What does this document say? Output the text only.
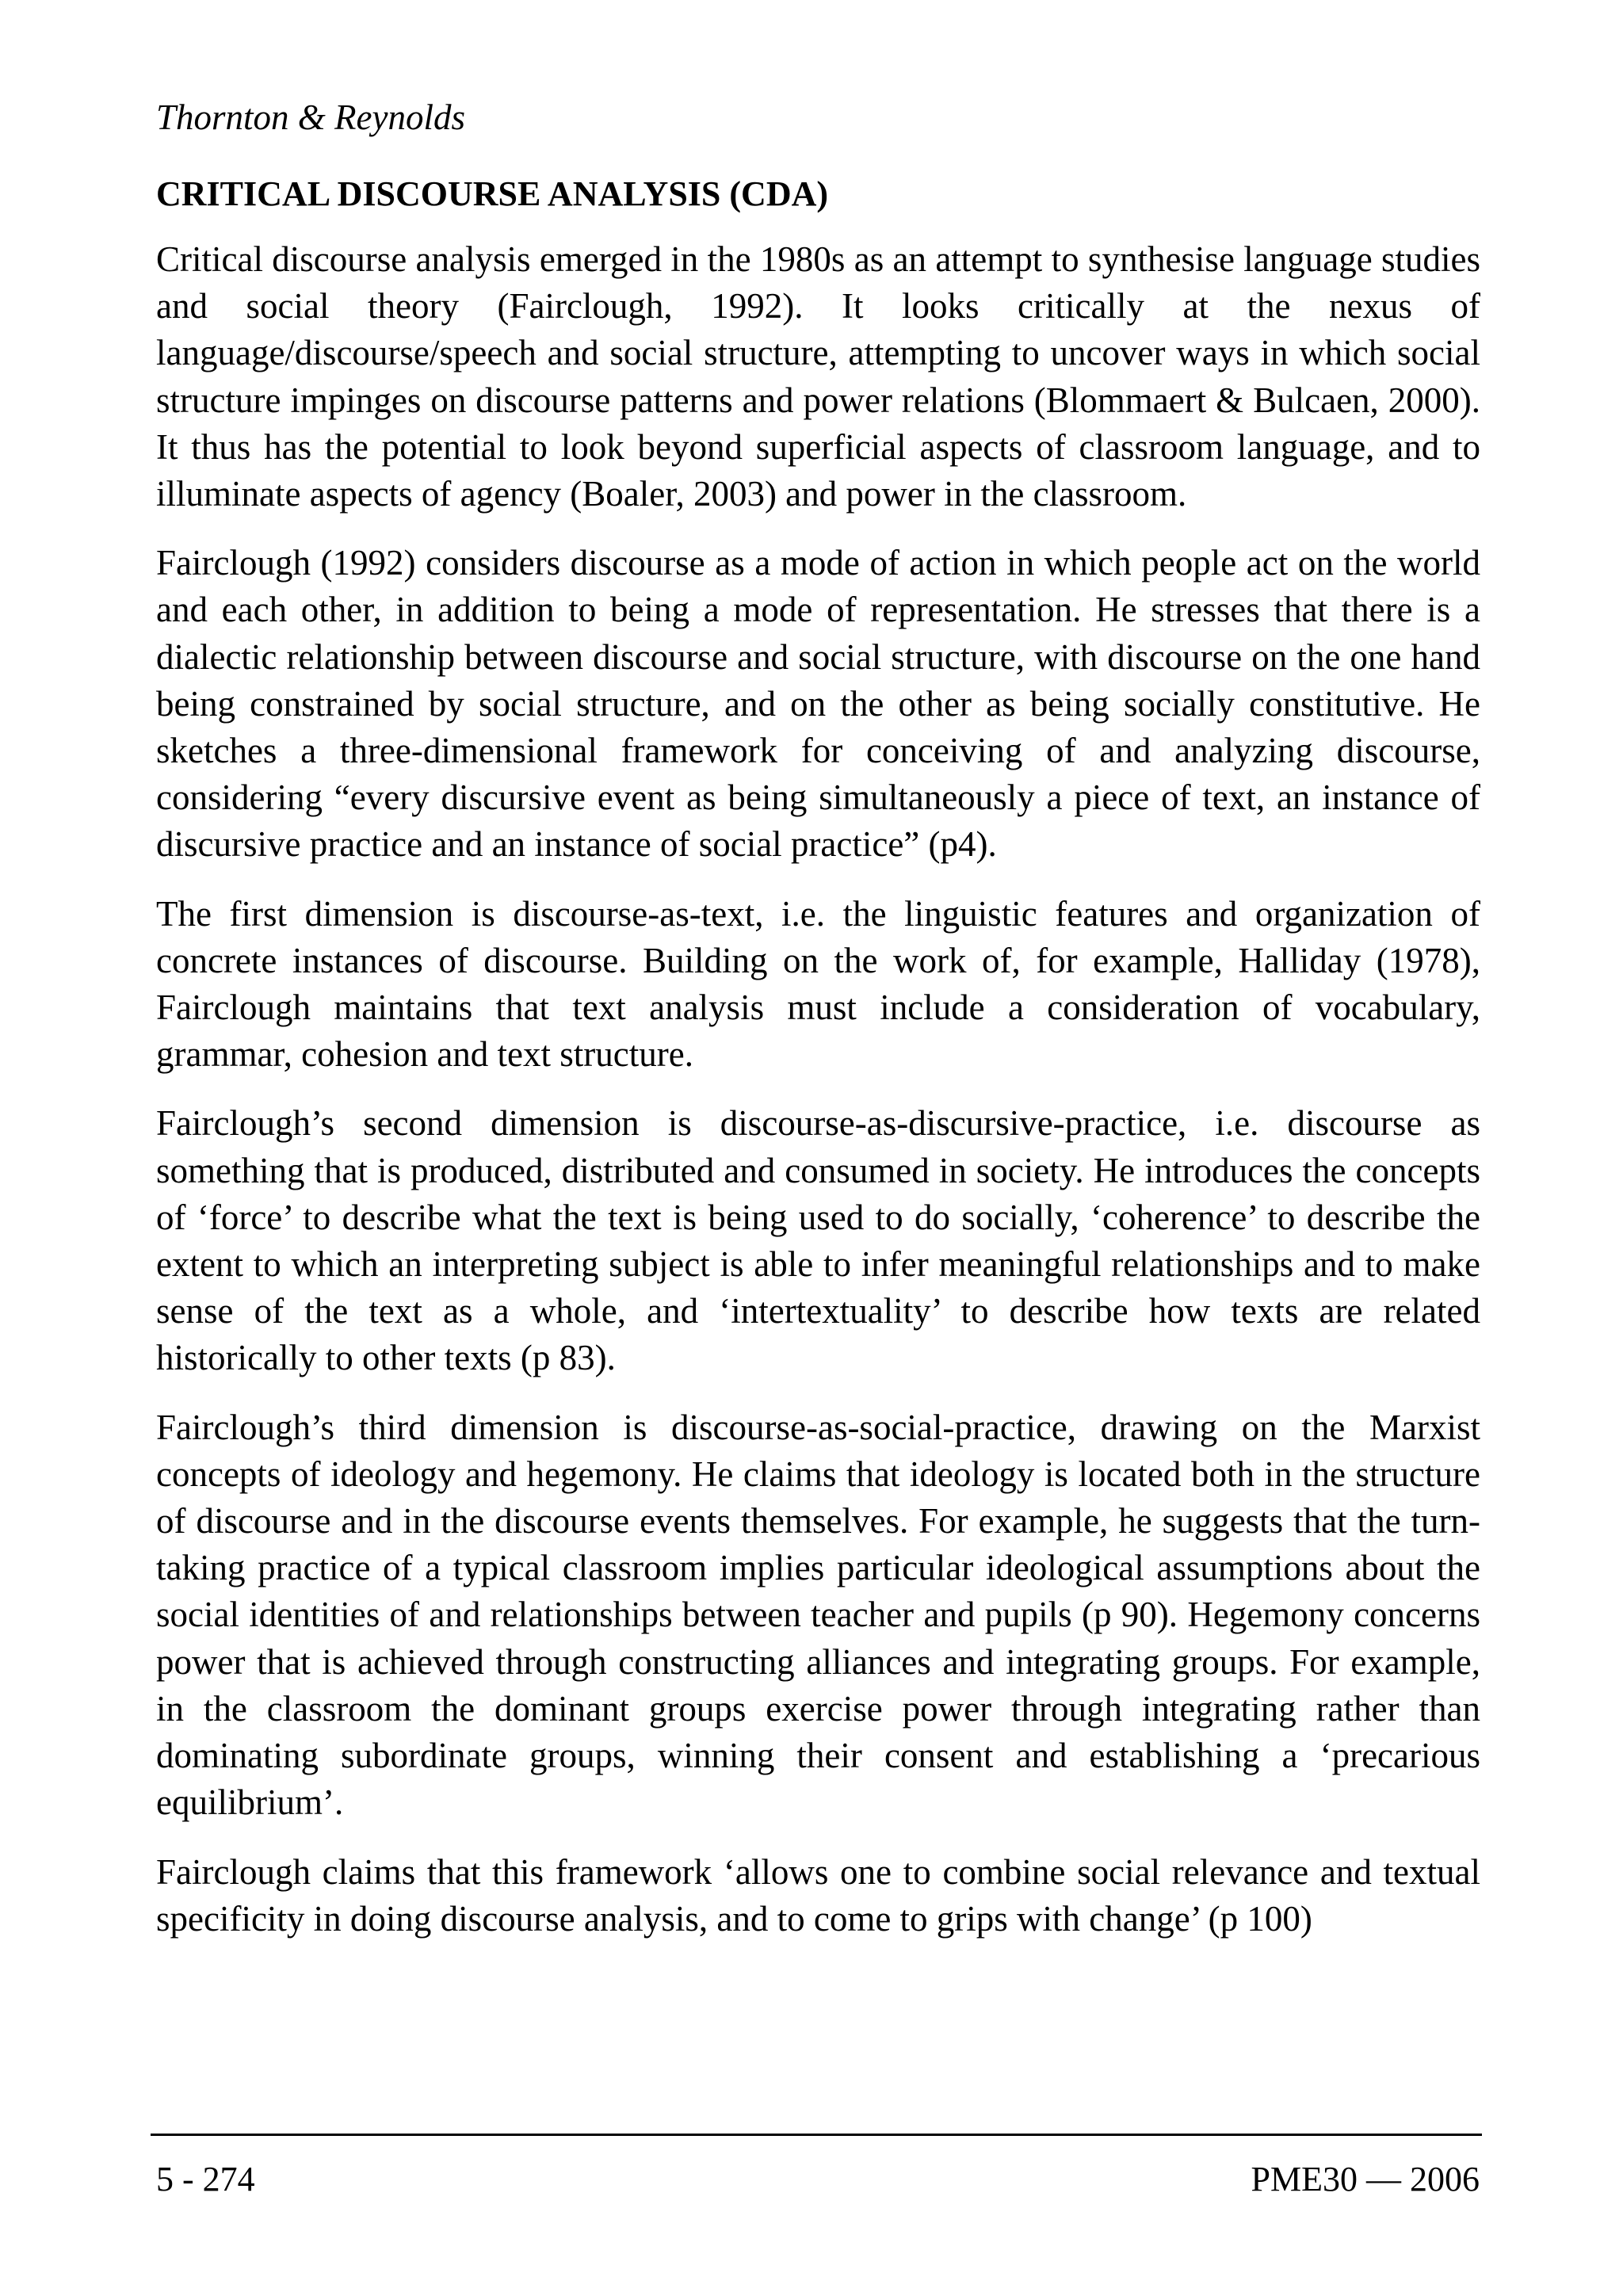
Thornton & Reynolds

CRITICAL DISCOURSE ANALYSIS (CDA)

Critical discourse analysis emerged in the 1980s as an attempt to synthesise language studies and social theory (Fairclough, 1992). It looks critically at the nexus of language/discourse/speech and social structure, attempting to uncover ways in which social structure impinges on discourse patterns and power relations (Blommaert & Bulcaen, 2000). It thus has the potential to look beyond superficial aspects of classroom language, and to illuminate aspects of agency (Boaler, 2003) and power in the classroom.

Fairclough (1992) considers discourse as a mode of action in which people act on the world and each other, in addition to being a mode of representation. He stresses that there is a dialectic relationship between discourse and social structure, with discourse on the one hand being constrained by social structure, and on the other as being socially constitutive. He sketches a three-dimensional framework for conceiving of and analyzing discourse, considering “every discursive event as being simultaneously a piece of text, an instance of discursive practice and an instance of social practice” (p4).

The first dimension is discourse-as-text, i.e. the linguistic features and organization of concrete instances of discourse. Building on the work of, for example, Halliday (1978), Fairclough maintains that text analysis must include a consideration of vocabulary, grammar, cohesion and text structure.

Fairclough’s second dimension is discourse-as-discursive-practice, i.e. discourse as something that is produced, distributed and consumed in society. He introduces the concepts of ‘force’ to describe what the text is being used to do socially, ‘coherence’ to describe the extent to which an interpreting subject is able to infer meaningful relationships and to make sense of the text as a whole, and ‘intertextuality’ to describe how texts are related historically to other texts (p 83).

Fairclough’s third dimension is discourse-as-social-practice, drawing on the Marxist concepts of ideology and hegemony. He claims that ideology is located both in the structure of discourse and in the discourse events themselves. For example, he suggests that the turn-taking practice of a typical classroom implies particular ideological assumptions about the social identities of and relationships between teacher and pupils (p 90). Hegemony concerns power that is achieved through constructing alliances and integrating groups. For example, in the classroom the dominant groups exercise power through integrating rather than dominating subordinate groups, winning their consent and establishing a ‘precarious equilibrium’.

Fairclough claims that this framework ‘allows one to combine social relevance and textual specificity in doing discourse analysis, and to come to grips with change’ (p 100)

5 - 274	PME30 — 2006
